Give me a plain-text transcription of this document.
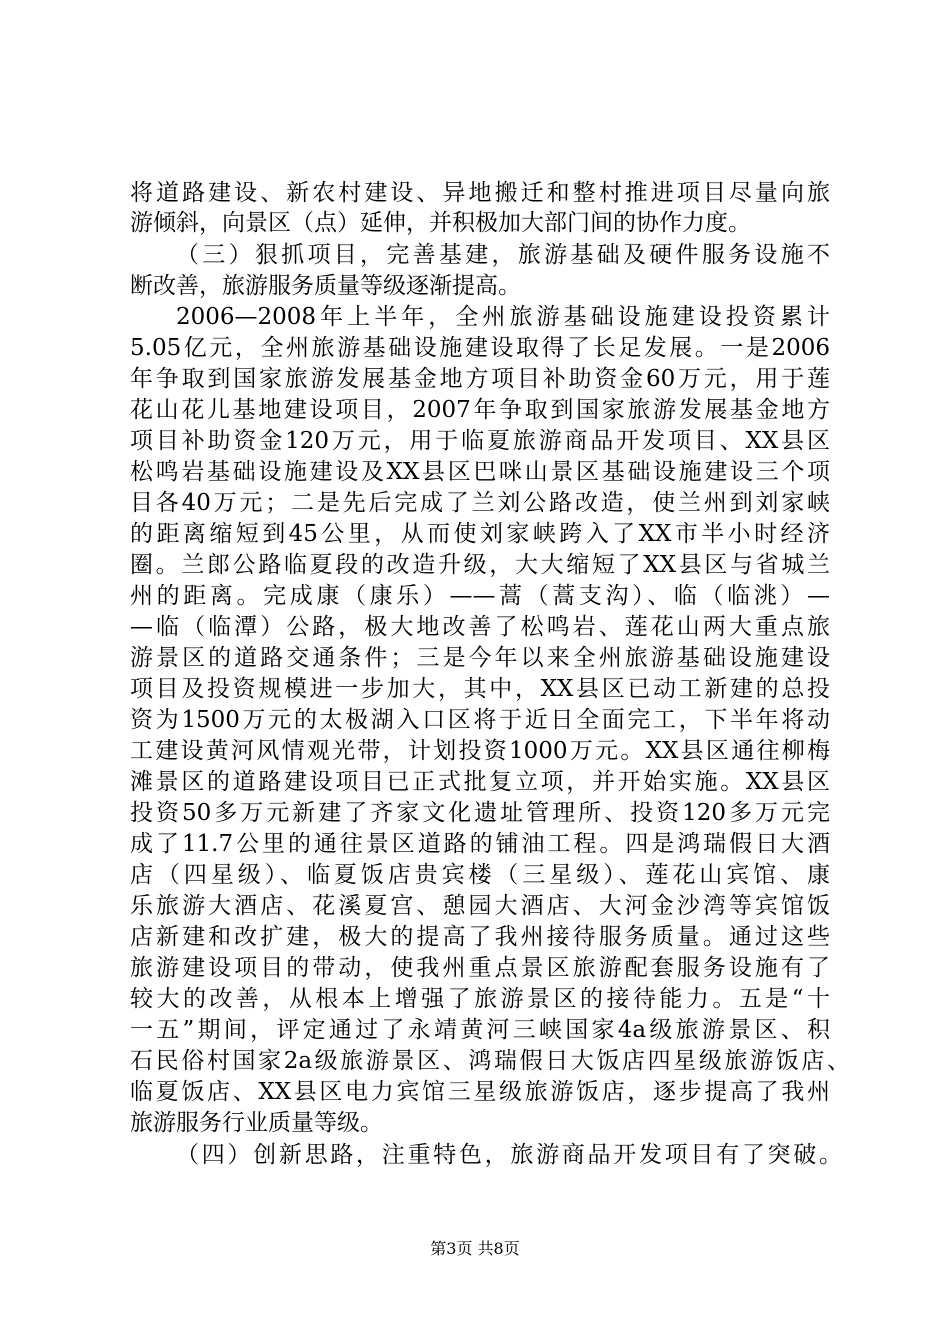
将道路建设、新农村建设、异地搬迁和整村推进项目尽量向旅
游倾斜，向景区（点）延伸，并积极加大部门间的协作力度。
（三）狠抓项目，完善基建，旅游基础及硬件服务设施不
断改善，旅游服务质量等级逐渐提高。
2006—2008年上半年，全州旅游基础设施建设投资累计
5.05亿元，全州旅游基础设施建设取得了长足发展。一是2006
年争取到国家旅游发展基金地方项目补助资金60万元，用于莲
花山花儿基地建设项目，2007年争取到国家旅游发展基金地方
项目补助资金120万元，用于临夏旅游商品开发项目、XX县区
松鸣岩基础设施建设及XX县区巴咪山景区基础设施建设三个项
目各40万元；二是先后完成了兰刘公路改造，使兰州到刘家峡
的距离缩短到45公里，从而使刘家峡跨入了XX市半小时经济
圈。兰郎公路临夏段的改造升级，大大缩短了XX县区与省城兰
州的距离。完成康（康乐）——蒿（蒿支沟）、临（临洮）—
—临（临潭）公路，极大地改善了松鸣岩、莲花山两大重点旅
游景区的道路交通条件；三是今年以来全州旅游基础设施建设
项目及投资规模进一步加大，其中，XX县区已动工新建的总投
资为1500万元的太极湖入口区将于近日全面完工，下半年将动
工建设黄河风情观光带，计划投资1000万元。XX县区通往柳梅
滩景区的道路建设项目已正式批复立项，并开始实施。XX县区
投资50多万元新建了齐家文化遗址管理所、投资120多万元完
成了11.7公里的通往景区道路的铺油工程。四是鸿瑞假日大酒
店（四星级）、临夏饭店贵宾楼（三星级）、莲花山宾馆、康
乐旅游大酒店、花溪夏宫、憩园大酒店、大河金沙湾等宾馆饭
店新建和改扩建，极大的提高了我州接待服务质量。通过这些
旅游建设项目的带动，使我州重点景区旅游配套服务设施有了
较大的改善，从根本上增强了旅游景区的接待能力。五是“十
一五”期间，评定通过了永靖黄河三峡国家4a级旅游景区、积
石民俗村国家2a级旅游景区、鸿瑞假日大饭店四星级旅游饭店、
临夏饭店、XX县区电力宾馆三星级旅游饭店，逐步提高了我州
旅游服务行业质量等级。
（四）创新思路，注重特色，旅游商品开发项目有了突破。
第3页 共8页
